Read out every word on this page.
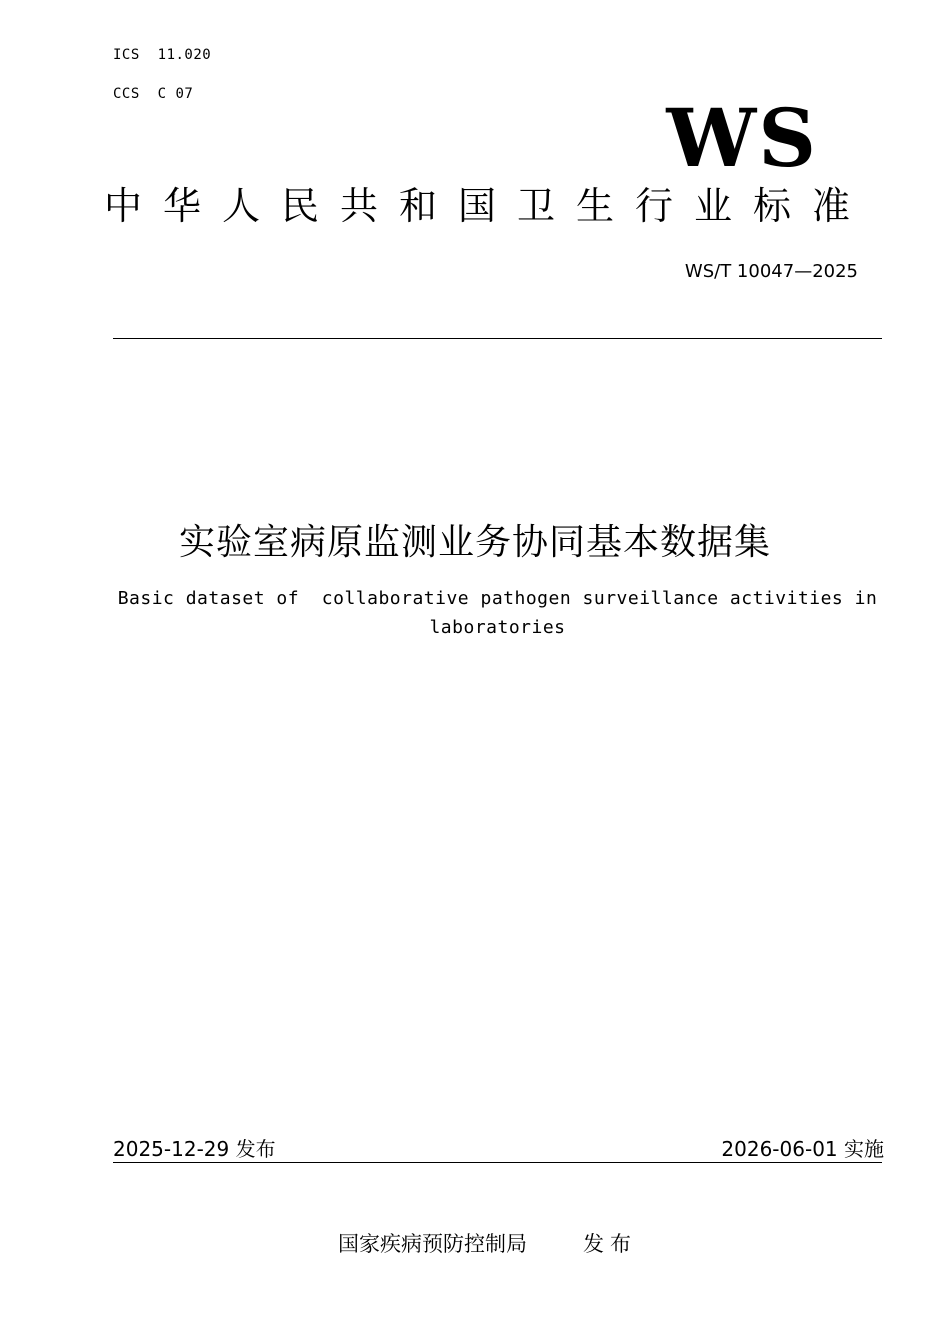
ICS  11.020
CCS  C 07	WS
中华人民共和国卫生行业标准
WS/T 10047—2025
实验室病原监测业务协同基本数据集
Basic dataset of  collaborative pathogen surveillance activities in laboratories
2025-12-29 发布	2026-06-01 实施
国家疾病预防控制局	发布
